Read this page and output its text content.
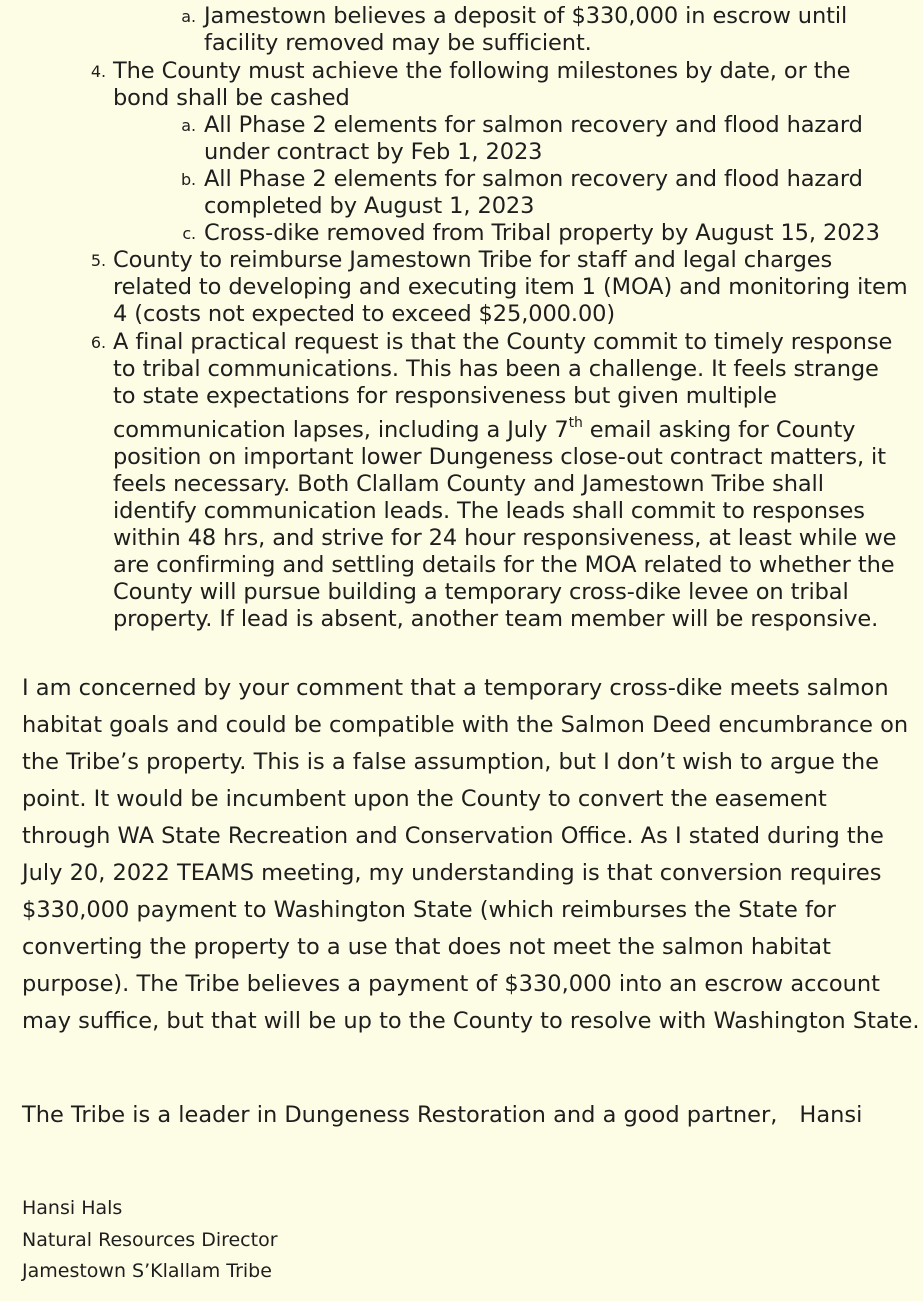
a. Jamestown believes a deposit of $330,000 in escrow until
facility removed may be sufficient.
4. The County must achieve the following milestones by date, or the
bond shall be cashed
a. All Phase 2 elements for salmon recovery and flood hazard
under contract by Feb 1, 2023
b. All Phase 2 elements for salmon recovery and flood hazard
completed by August 1, 2023
c. Cross-dike removed from Tribal property by August 15, 2023
5. County to reimburse Jamestown Tribe for staff and legal charges
related to developing and executing item 1 (MOA) and monitoring item
4 (costs not expected to exceed $25,000.00)
6. A final practical request is that the County commit to timely response
to tribal communications. This has been a challenge. It feels strange
to state expectations for responsiveness but given multiple
communication lapses, including a July 7th email asking for County
position on important lower Dungeness close-out contract matters, it
feels necessary. Both Clallam County and Jamestown Tribe shall
identify communication leads. The leads shall commit to responses
within 48 hrs, and strive for 24 hour responsiveness, at least while we
are confirming and settling details for the MOA related to whether the
County will pursue building a temporary cross-dike levee on tribal
property. If lead is absent, another team member will be responsive.
I am concerned by your comment that a temporary cross-dike meets salmon
habitat goals and could be compatible with the Salmon Deed encumbrance on
the Tribe’s property. This is a false assumption, but I don’t wish to argue the
point. It would be incumbent upon the County to convert the easement
through WA State Recreation and Conservation Office. As I stated during the
July 20, 2022 TEAMS meeting, my understanding is that conversion requires
$330,000 payment to Washington State (which reimburses the State for
converting the property to a use that does not meet the salmon habitat
purpose). The Tribe believes a payment of $330,000 into an escrow account
may suffice, but that will be up to the County to resolve with Washington State.
The Tribe is a leader in Dungeness Restoration and a good partner, Hansi
Hansi Hals
Natural Resources Director
Jamestown S’Klallam Tribe
